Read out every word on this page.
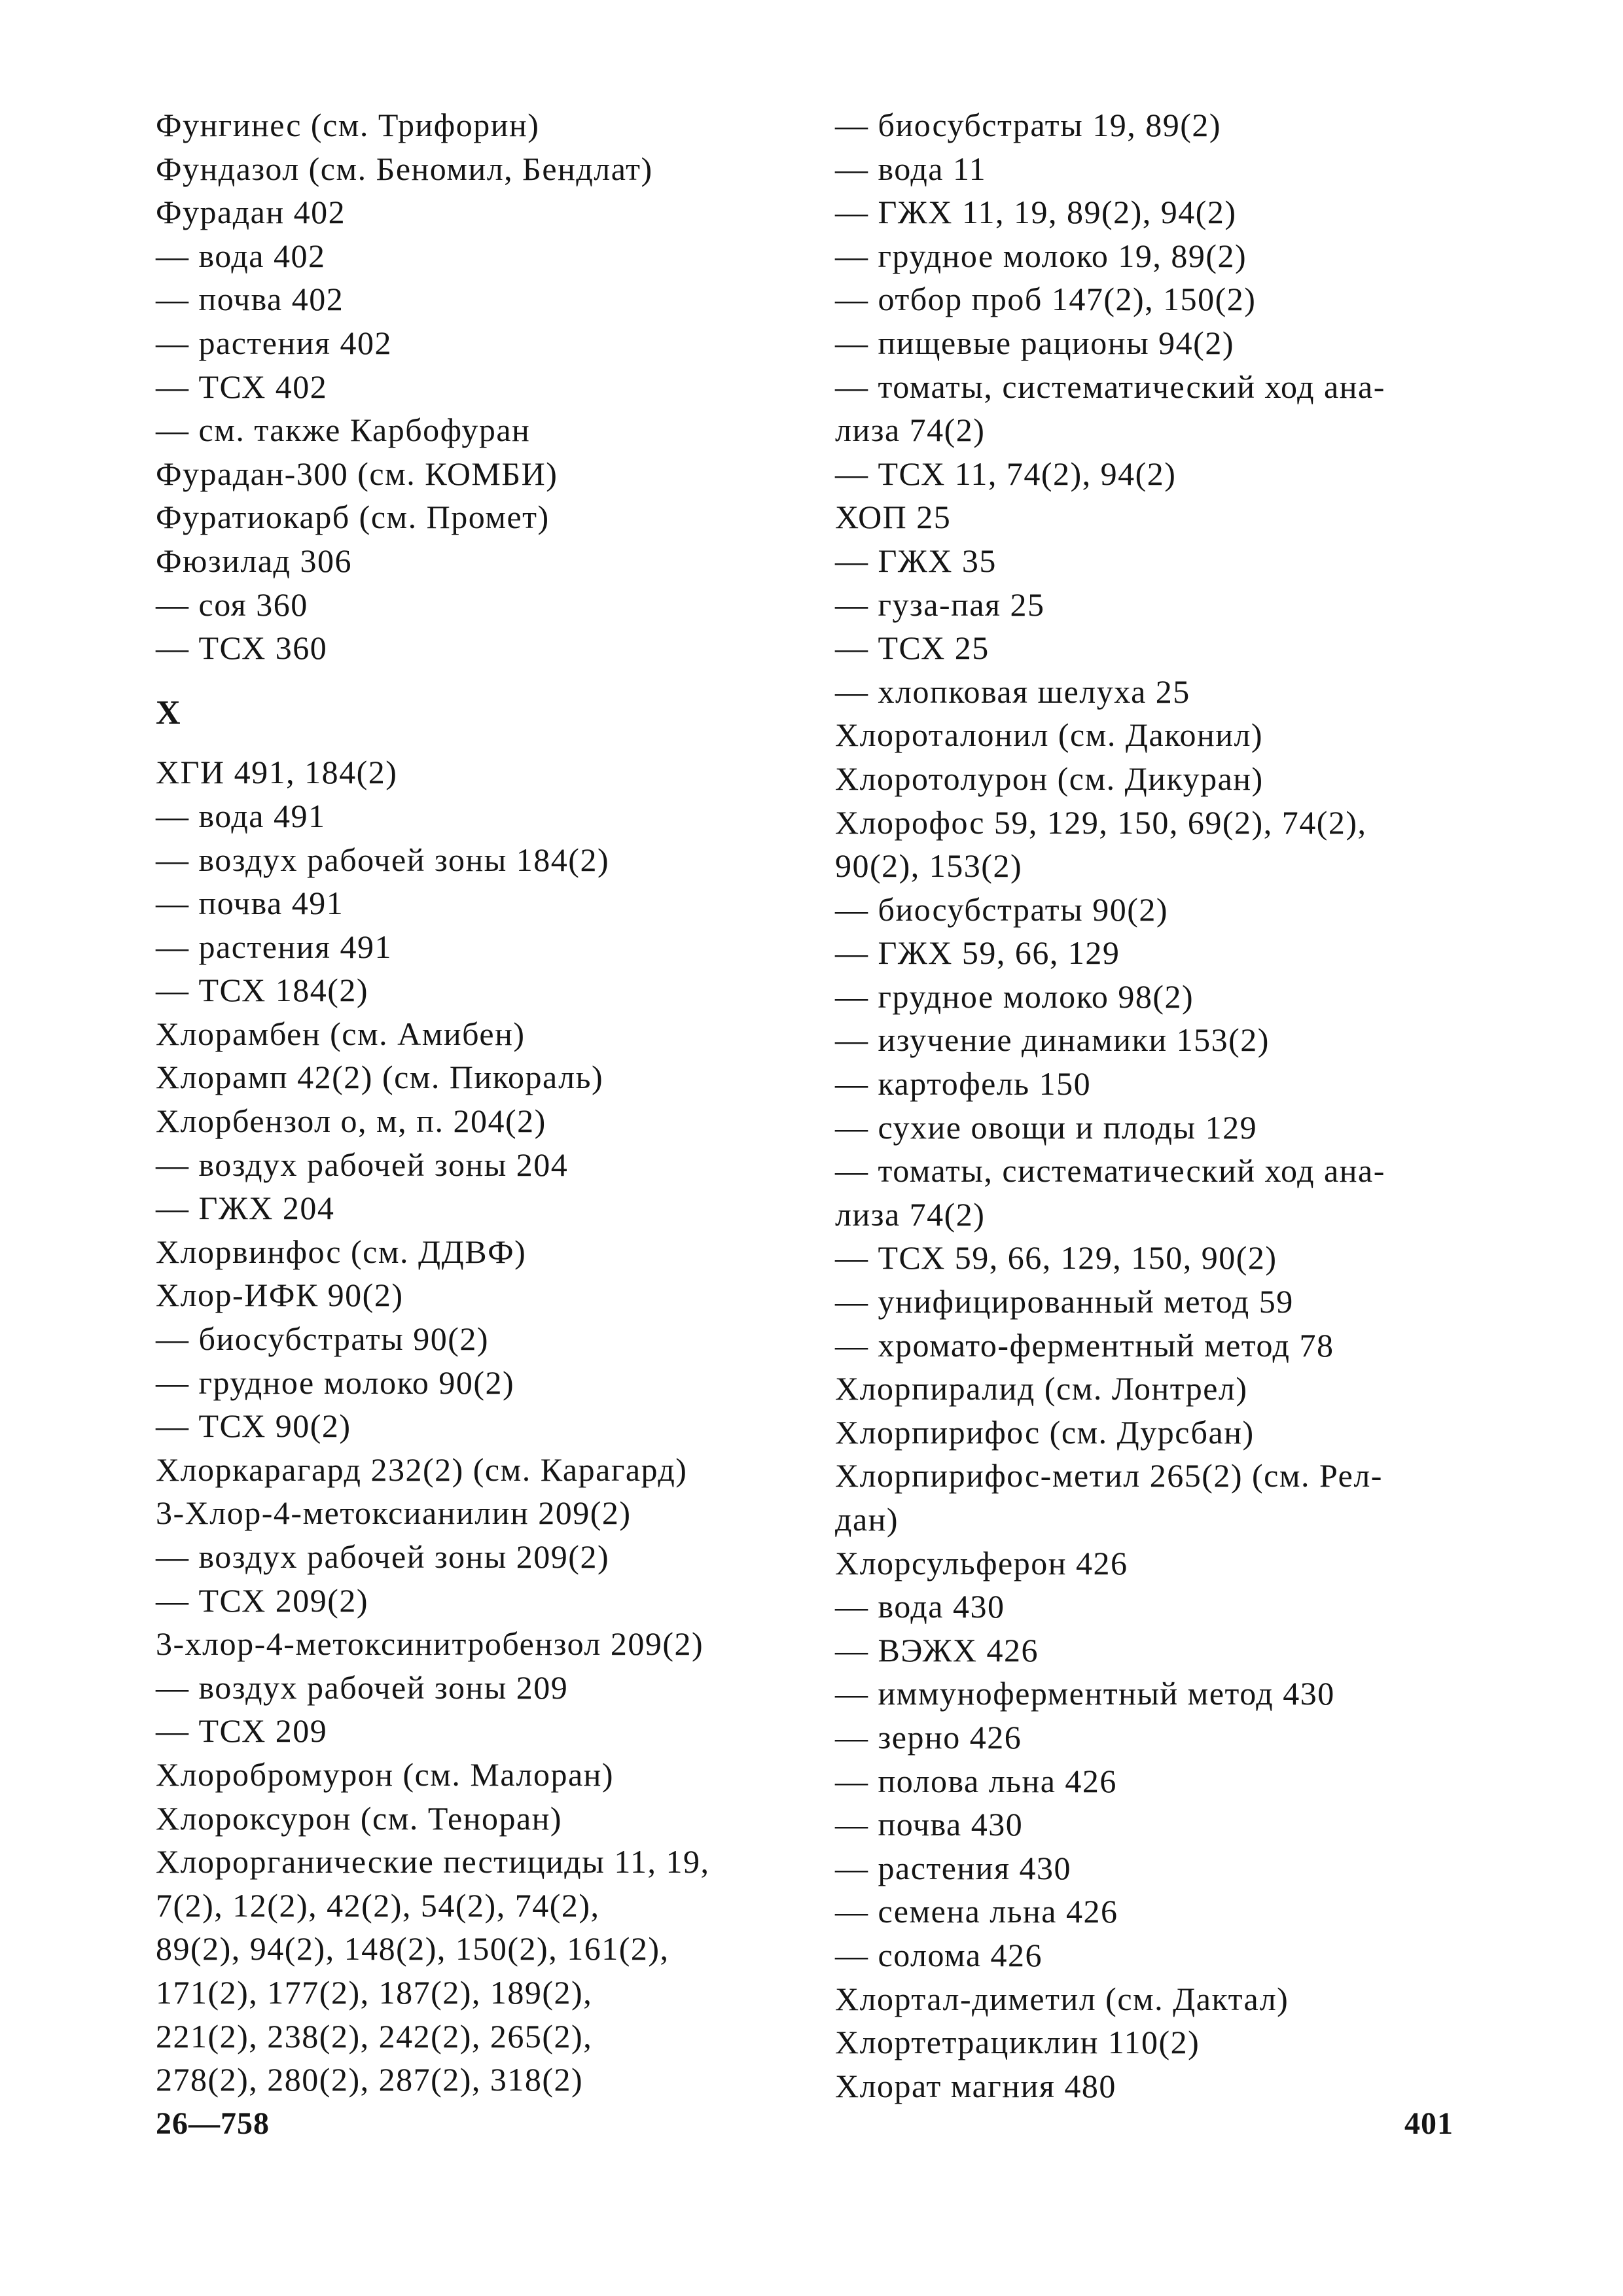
Фунгинес (см. Трифорин)
Фундазол (см. Беномил, Бендлат)
Фурадан 402
— вода 402
— почва 402
— растения 402
— ТСХ 402
— см. также Карбофуран
Фурадан-300 (см. КОМБИ)
Фуратиокарб (см. Промет)
Фюзилад 306
— соя 360
— ТСХ 360
Х
ХГИ 491, 184(2)
— вода 491
— воздух рабочей зоны 184(2)
— почва 491
— растения 491
— ТСХ 184(2)
Хлорамбен (см. Амибен)
Хлорамп 42(2) (см. Пикораль)
Хлорбензол о, м, п. 204(2)
— воздух рабочей зоны 204
— ГЖХ 204
Хлорвинфос (см. ДДВФ)
Хлор-ИФК 90(2)
— биосубстраты 90(2)
— грудное молоко 90(2)
— ТСХ 90(2)
Хлоркарагард 232(2) (см. Карагард)
3-Хлор-4-метоксианилин 209(2)
— воздух рабочей зоны 209(2)
— ТСХ 209(2)
3-хлор-4-метоксинитробензол 209(2)
— воздух рабочей зоны 209
— ТСХ 209
Хлоробромурон (см. Малоран)
Хлороксурон (см. Теноран)
Хлорорганические пестициды 11, 19,
7(2), 12(2), 42(2), 54(2), 74(2),
89(2), 94(2), 148(2), 150(2), 161(2),
171(2), 177(2), 187(2), 189(2),
221(2), 238(2), 242(2), 265(2),
278(2), 280(2), 287(2), 318(2)
— биосубстраты 19, 89(2)
— вода 11
— ГЖХ 11, 19, 89(2), 94(2)
— грудное молоко 19, 89(2)
— отбор проб 147(2), 150(2)
— пищевые рационы 94(2)
— томаты, систематический ход ана-
лиза 74(2)
— ТСХ 11, 74(2), 94(2)
ХОП 25
— ГЖХ 35
— гуза-пая 25
— ТСХ 25
— хлопковая шелуха 25
Хлороталонил (см. Даконил)
Хлоротолурон (см. Дикуран)
Хлорофос 59, 129, 150, 69(2), 74(2),
90(2), 153(2)
— биосубстраты 90(2)
— ГЖХ 59, 66, 129
— грудное молоко 98(2)
— изучение динамики 153(2)
— картофель 150
— сухие овощи и плоды 129
— томаты, систематический ход ана-
лиза 74(2)
— ТСХ 59, 66, 129, 150, 90(2)
— унифицированный метод 59
— хромато-ферментный метод 78
Хлорпиралид (см. Лонтрел)
Хлорпирифос (см. Дурсбан)
Хлорпирифос-метил 265(2) (см. Рел-
дан)
Хлорсульферон 426
— вода 430
— ВЭЖХ 426
— иммуноферментный метод 430
— зерно 426
— полова льна 426
— почва 430
— растения 430
— семена льна 426
— солома 426
Хлортал-диметил (см. Дактал)
Хлортетрациклин 110(2)
Хлорат магния 480
26—758	401
